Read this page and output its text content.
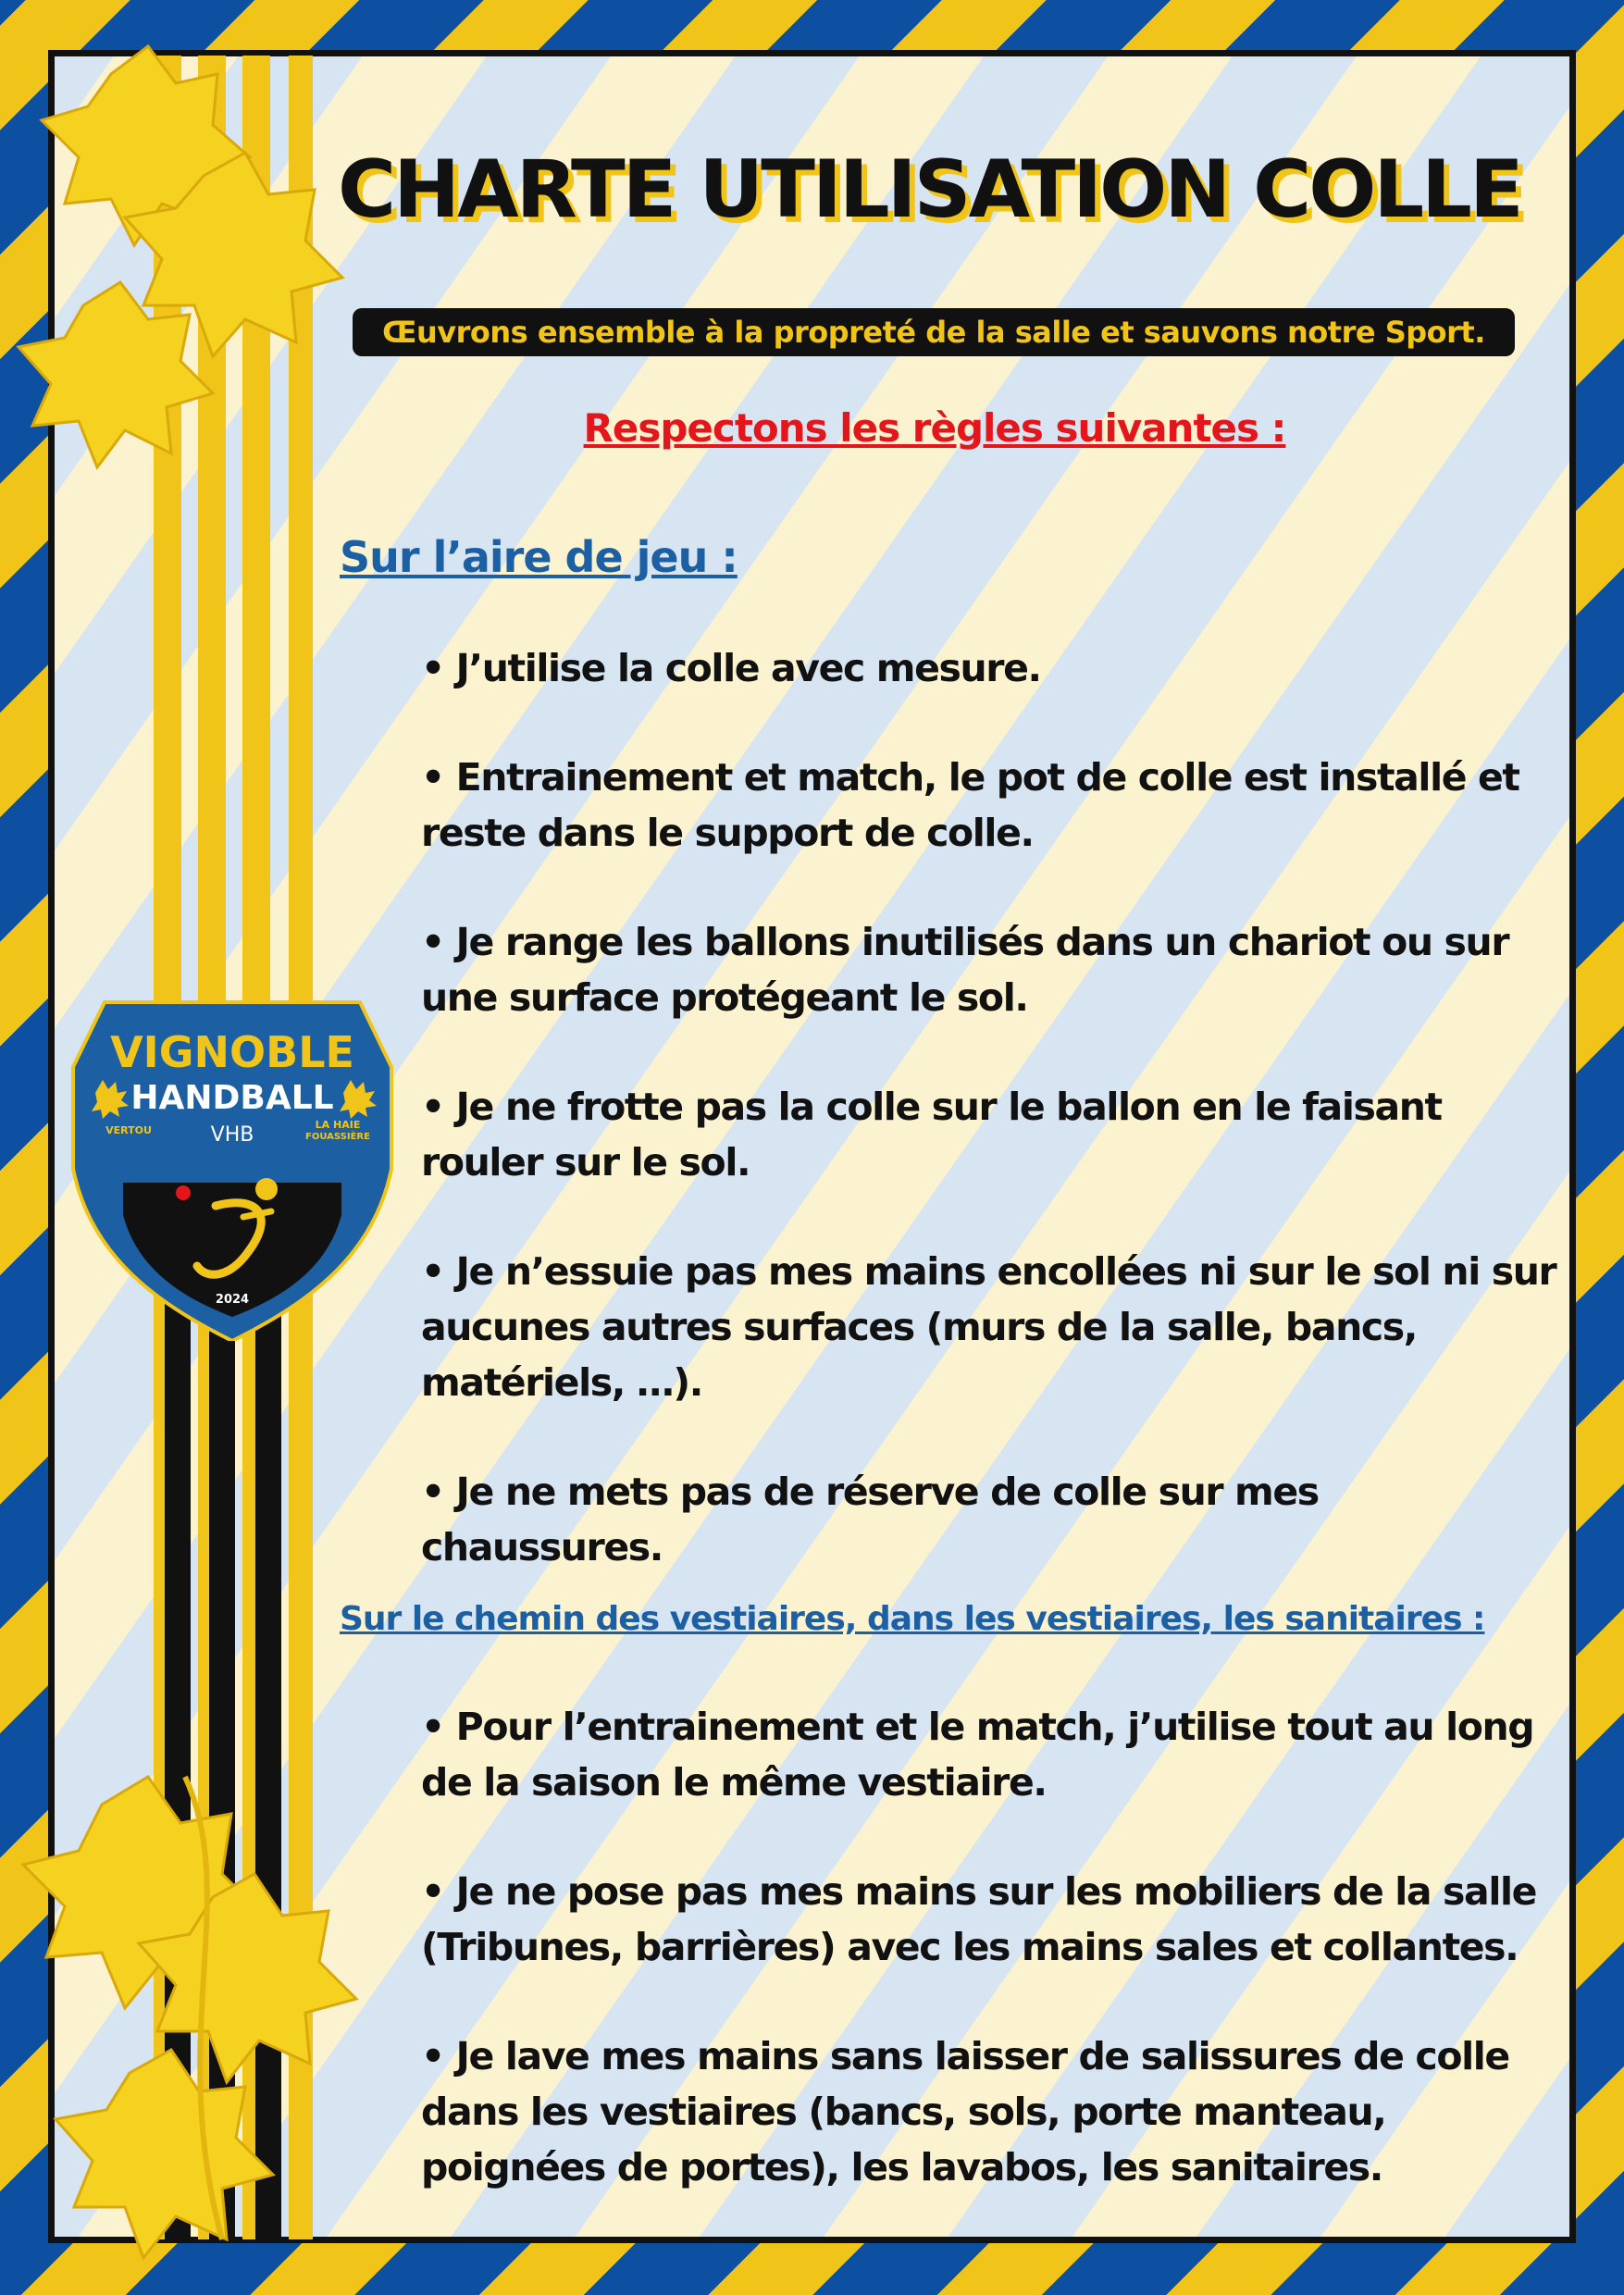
VIGNOBLE
HANDBALL
VHB
VERTOU	LA HAIE
FOUASSIÈRE
2024
CHARTE UTILISATION COLLE
Œuvrons ensemble à la propreté de la salle et sauvons notre Sport.
Respectons les règles suivantes :
Sur l’aire de jeu :
• J’utilise la colle avec mesure.
• Entrainement et match, le pot de colle est installé et reste dans le support de colle.
• Je range les ballons inutilisés dans un chariot ou sur une surface protégeant le sol.
• Je ne frotte pas la colle sur le ballon en le faisant rouler sur le sol.
• Je n’essuie pas mes mains encollées ni sur le sol ni sur aucunes autres surfaces (murs de la salle, bancs, matériels, …).
• Je ne mets pas de réserve de colle sur mes chaussures.
Sur le chemin des vestiaires, dans les vestiaires, les sanitaires :
• Pour l’entrainement et le match, j’utilise tout au long de la saison le même vestiaire.
• Je ne pose pas mes mains sur les mobiliers de la salle (Tribunes, barrières) avec les mains sales et collantes.
• Je lave mes mains sans laisser de salissures de colle dans les vestiaires (bancs, sols, porte manteau, poignées de portes), les lavabos, les sanitaires.
